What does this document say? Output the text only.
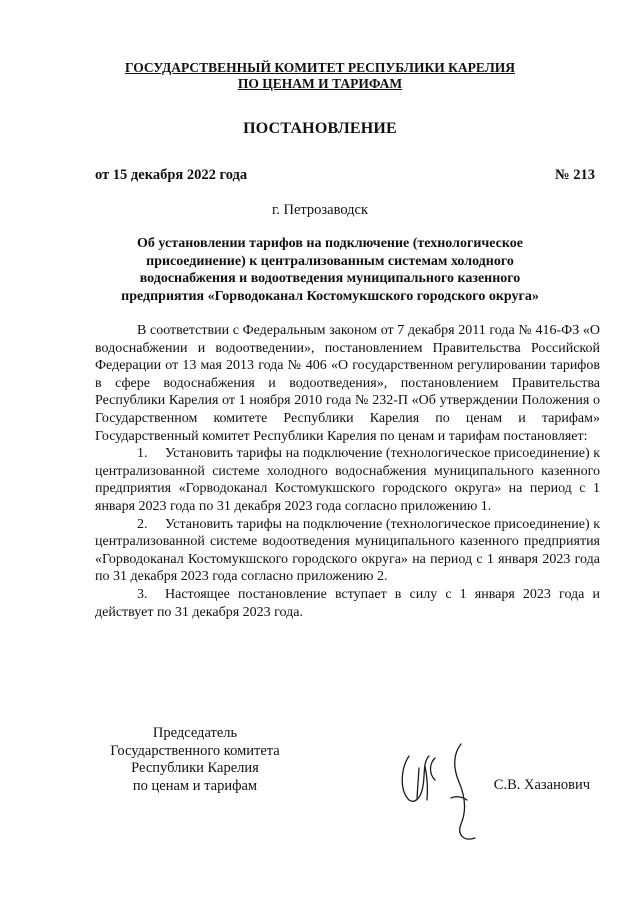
ГОСУДАРСТВЕННЫЙ КОМИТЕТ РЕСПУБЛИКИ КАРЕЛИЯ
ПО ЦЕНАМ И ТАРИФАМ
ПОСТАНОВЛЕНИЕ
от 15 декабря 2022 года	№ 213
г. Петрозаводск
Об установлении тарифов на подключение (технологическое присоединение) к централизованным системам холодного водоснабжения и водоотведения муниципального казенного предприятия «Горводоканал Костомукшского городского округа»

В соответствии с Федеральным законом от 7 декабря 2011 года № 416-ФЗ «О водоснабжении и водоотведении», постановлением Правительства Российской Федерации от 13 мая 2013 года № 406 «О государственном регулировании тарифов в сфере водоснабжения и водоотведения», постановлением Правительства Республики Карелия от 1 ноября 2010 года № 232-П «Об утверждении Положения о Государственном комитете Республики Карелия по ценам и тарифам» Государственный комитет Республики Карелия по ценам и тарифам постановляет:

1. Установить тарифы на подключение (технологическое присоединение) к централизованной системе холодного водоснабжения муниципального казенного предприятия «Горводоканал Костомукшского городского округа» на период с 1 января 2023 года по 31 декабря 2023 года согласно приложению 1.

2. Установить тарифы на подключение (технологическое присоединение) к централизованной системе водоотведения муниципального казенного предприятия «Горводоканал Костомукшского городского округа» на период с 1 января 2023 года по 31 декабря 2023 года согласно приложению 2.

3. Настоящее постановление вступает в силу с 1 января 2023 года и действует по 31 декабря 2023 года.

Председатель
Государственного комитета
Республики Карелия
по ценам и тарифам	С.В. Хазанович
